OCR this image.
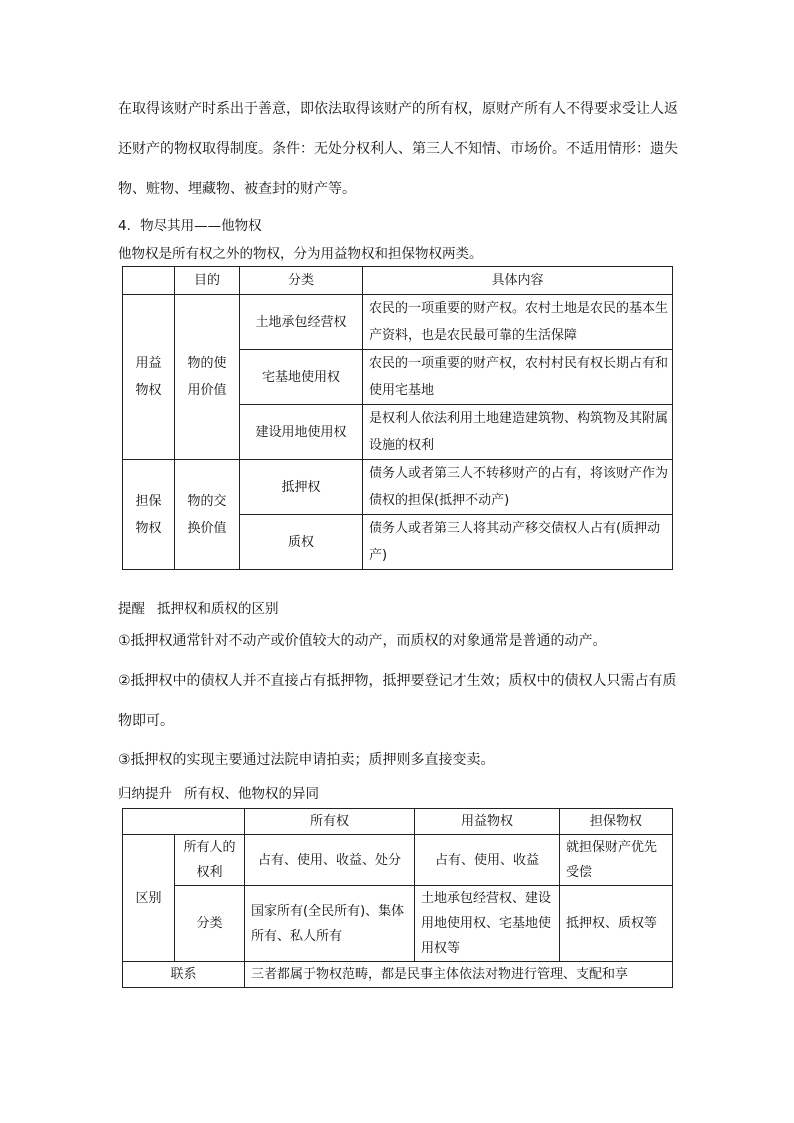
在取得该财产时系出于善意，即依法取得该财产的所有权，原财产所有人不得要求受让人返还财产的物权取得制度。条件：无处分权利人、第三人不知情、市场价。不适用情形：遗失物、赃物、埋藏物、被查封的财产等。
4．物尽其用——他物权
他物权是所有权之外的物权，分为用益物权和担保物权两类。
	目的	分类	具体内容
用益物权	物的使用价值	土地承包经营权	农民的一项重要的财产权。农村土地是农民的基本生产资料，也是农民最可靠的生活保障
		宅基地使用权	农民的一项重要的财产权，农村村民有权长期占有和使用宅基地
		建设用地使用权	是权利人依法利用土地建造建筑物、构筑物及其附属设施的权利
担保物权	物的交换价值	抵押权	债务人或者第三人不转移财产的占有，将该财产作为债权的担保(抵押不动产)
		质权	债务人或者第三人将其动产移交债权人占有(质押动产)
提醒 抵押权和质权的区别
①抵押权通常针对不动产或价值较大的动产，而质权的对象通常是普通的动产。
②抵押权中的债权人并不直接占有抵押物，抵押要登记才生效；质权中的债权人只需占有质物即可。
③抵押权的实现主要通过法院申请拍卖；质押则多直接变卖。
归纳提升 所有权、他物权的异同
		所有权	用益物权	担保物权
区别	所有人的权利	占有、使用、收益、处分	占有、使用、收益	就担保财产优先受偿
	分类	国家所有(全民所有)、集体所有、私人所有	土地承包经营权、建设用地使用权、宅基地使用权等	抵押权、质权等
联系		三者都属于物权范畴，都是民事主体依法对物进行管理、支配和享		
